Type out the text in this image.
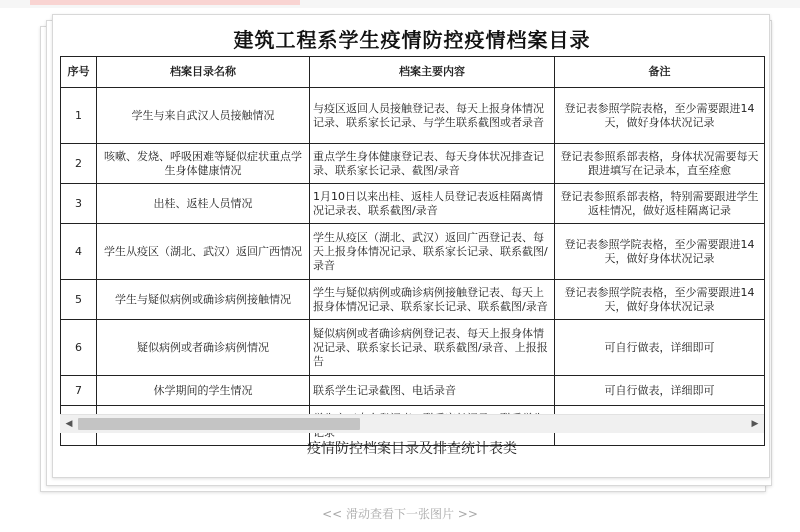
建筑工程系学生疫情防控疫情档案目录
序号	档案目录名称	档案主要内容	备注
1	学生与来自武汉人员接触情况	与疫区返回人员接触登记表、每天上报身体情况记录、联系家长记录、与学生联系截图或者录音	登记表参照学院表格，至少需要跟进14天，做好身体状况记录
2	咳嗽、发烧、呼吸困难等疑似症状重点学生身体健康情况	重点学生身体健康登记表、每天身体状况排查记录、联系家长记录、截图/录音	登记表参照系部表格，身体状况需要每天跟进填写在记录本，直至痊愈
3	出桂、返桂人员情况	1月10日以来出桂、返桂人员登记表返桂隔离情况记录表、联系截图/录音	登记表参照系部表格，特别需要跟进学生返桂情况，做好返桂隔离记录
4	学生从疫区（湖北、武汉）返回广西情况	学生从疫区（湖北、武汉）返回广西登记表、每天上报身体情况记录、联系家长记录、联系截图/录音	登记表参照学院表格，至少需要跟进14天，做好身体状况记录
5	学生与疑似病例或确诊病例接触情况	学生与疑似病例或确诊病例接触登记表、每天上报身体情况记录、联系家长记录、联系截图/录音	登记表参照学院表格，至少需要跟进14天，做好身体状况记录
6	疑似病例或者确诊病例情况	疑似病例或者确诊病例登记表、每天上报身体情况记录、联系家长记录、联系截图/录音、上报报告	可自行做表，详细即可
7	休学期间的学生情况	联系学生记录截图、电话录音	可自行做表，详细即可

◀	▶
疫情防控档案目录及排查统计表类
<< 滑动查看下一张图片 >>
